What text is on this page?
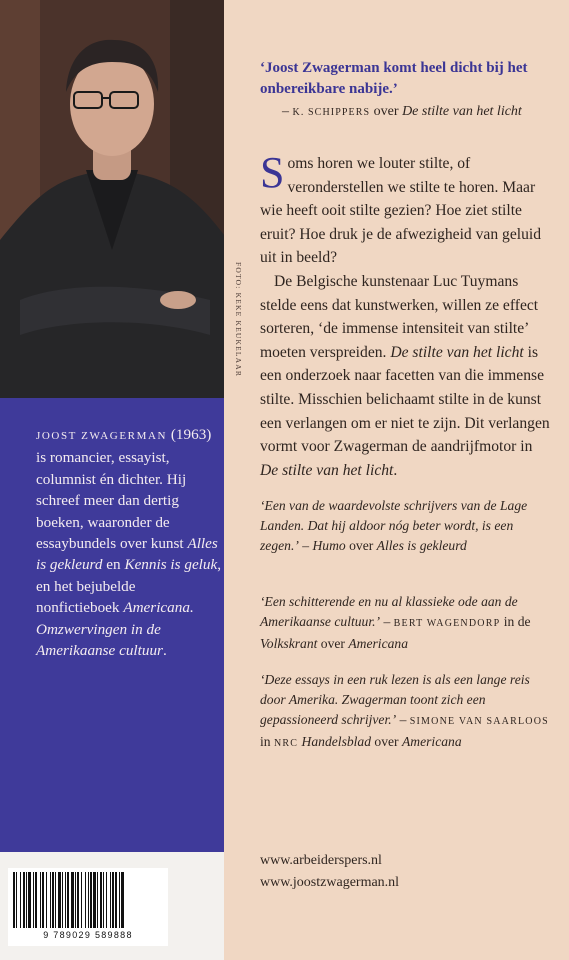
FOTO: KEKE KEUKELAAR
JOOST ZWAGERMAN (1963) is romancier, essayist, columnist én dichter. Hij schreef meer dan dertig boeken, waaronder de essaybundels over kunst Alles is gekleurd en Kennis is geluk, en het bejubelde nonfictieboek Americana. Omzwervingen in de Amerikaanse cultuur.
‘Joost Zwagerman komt heel dicht bij het onbereikbare nabije.’
– K. SCHIPPERS over De stilte van het licht

Soms horen we louter stilte, of veronderstellen we stilte te horen. Maar wie heeft ooit stilte gezien? Hoe ziet stilte eruit? Hoe druk je de afwezigheid van geluid uit in beeld?

De Belgische kunstenaar Luc Tuymans stelde eens dat kunstwerken, willen ze effect sorteren, ‘de immense intensiteit van stilte’ moeten verspreiden. De stilte van het licht is een onderzoek naar facetten van die immense stilte. Misschien belichaamt stilte in de kunst een verlangen om er niet te zijn. Dit verlangen vormt voor Zwagerman de aandrijfmotor in De stilte van het licht.

‘Een van de waardevolste schrijvers van de Lage Landen. Dat hij aldoor nóg beter wordt, is een zegen.’ – Humo over Alles is gekleurd
‘Een schitterende en nu al klassieke ode aan de Amerikaanse cultuur.’ – BERT WAGENDORP in de Volkskrant over Americana
‘Deze essays in een ruk lezen is als een lange reis door Amerika. Zwagerman toont zich een gepassioneerd schrijver.’ – SIMONE VAN SAARLOOS in NRC Handelsblad over Americana
www.arbeiderspers.nl
www.joostzwagerman.nl
9 789029 589888
